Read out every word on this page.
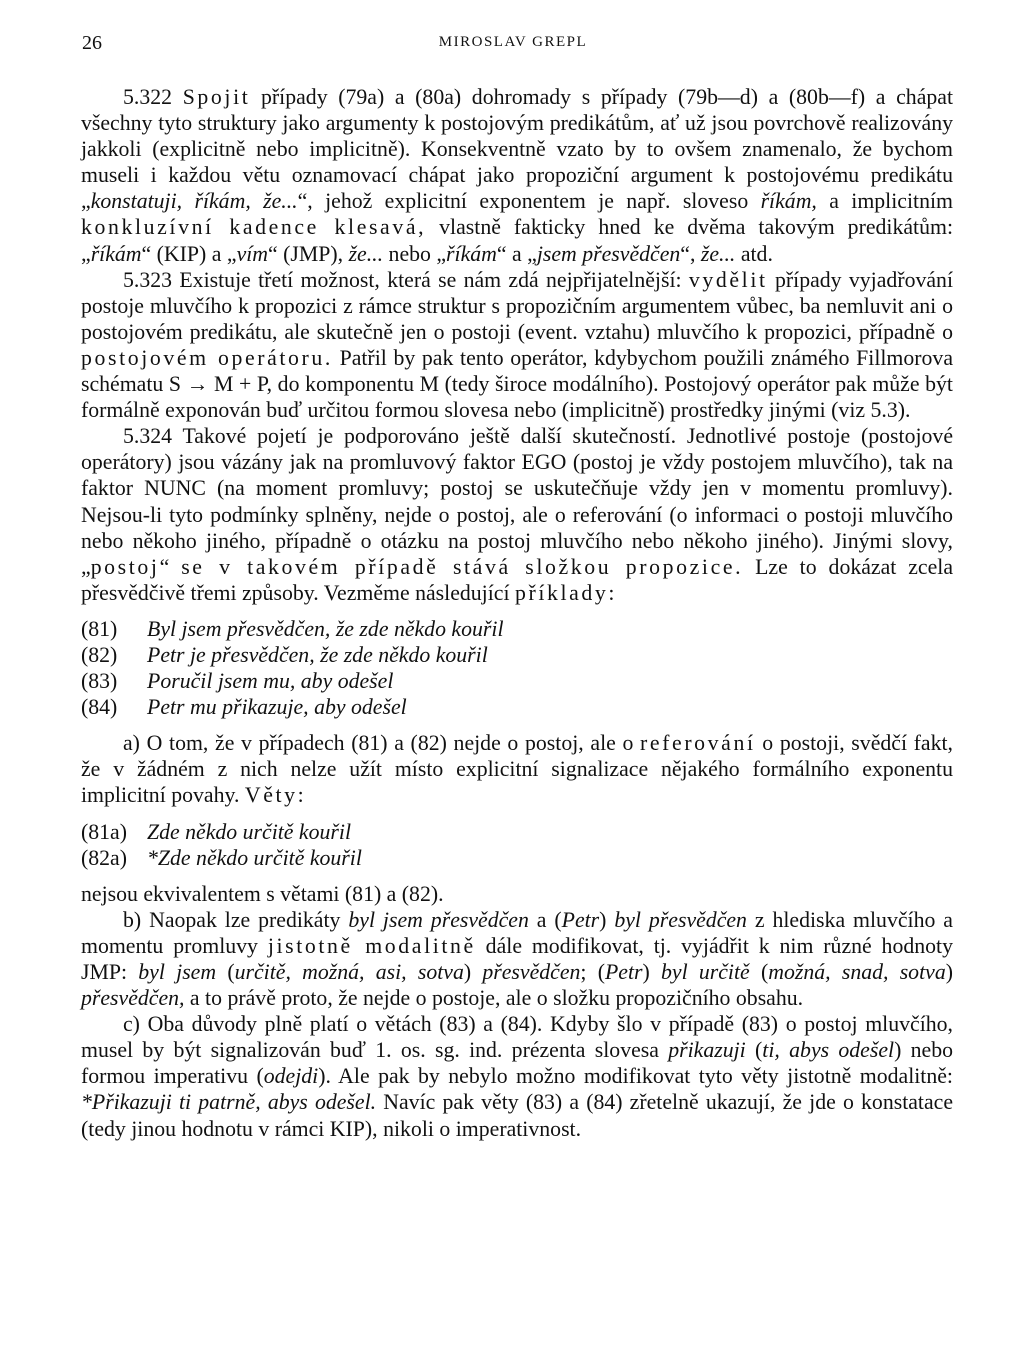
26	MIROSLAV GREPL

5.322 Spojit případy (79a) a (80a) dohromady s případy (79b—d) a (80b—f) a chápat všechny tyto struktury jako argumenty k postojovým predikátům, ať už jsou povrchově realizovány jakkoli (explicitně nebo implicitně). Konsekventně vzato by to ovšem znamenalo, že bychom museli i každou větu oznamovací chápat jako propoziční argument k postojovému predikátu „konstatuji, říkám, že...“, jehož explicitní exponentem je např. sloveso říkám, a implicitním konkluzívní kadence klesavá, vlastně fakticky hned ke dvěma takovým predikátům: „říkám“ (KIP) a „vím“ (JMP), že... nebo „říkám“ a „jsem přesvědčen“, že... atd.

5.323 Existuje třetí možnost, která se nám zdá nejpřijatelnější: vydělit případy vyjadřování postoje mluvčího k propozici z rámce struktur s propozičním argumentem vůbec, ba nemluvit ani o postojovém predikátu, ale skutečně jen o postoji (event. vztahu) mluvčího k propozici, případně o postojovém operátoru. Patřil by pak tento operátor, kdybychom použili známého Fillmorova schématu S → M + P, do komponentu M (tedy široce modálního). Postojový operátor pak může být formálně exponován buď určitou formou slovesa nebo (implicitně) prostředky jinými (viz 5.3).

5.324 Takové pojetí je podporováno ještě další skutečností. Jednotlivé postoje (postojové operátory) jsou vázány jak na promluvový faktor EGO (postoj je vždy postojem mluvčího), tak na faktor NUNC (na moment promluvy; postoj se uskutečňuje vždy jen v momentu promluvy). Nejsou-li tyto podmínky splněny, nejde o postoj, ale o referování (o informaci o postoji mluvčího nebo někoho jiného, případně o otázku na postoj mluvčího nebo někoho jiného). Jinými slovy, „postoj“ se v takovém případě stává složkou propozice. Lze to dokázat zcela přesvědčivě třemi způsoby. Vezměme následující příklady:

(81) Byl jsem přesvědčen, že zde někdo kouřil
(82) Petr je přesvědčen, že zde někdo kouřil
(83) Poručil jsem mu, aby odešel
(84) Petr mu přikazuje, aby odešel

a) O tom, že v případech (81) a (82) nejde o postoj, ale o referování o postoji, svědčí fakt, že v žádném z nich nelze užít místo explicitní signalizace nějakého formálního exponentu implicitní povahy. Věty:

(81a) Zde někdo určitě kouřil
(82a) *Zde někdo určitě kouřil

nejsou ekvivalentem s větami (81) a (82).

b) Naopak lze predikáty byl jsem přesvědčen a (Petr) byl přesvědčen z hlediska mluvčího a momentu promluvy jistotně modalitně dále modifikovat, tj. vyjádřit k nim různé hodnoty JMP: byl jsem (určitě, možná, asi, sotva) přesvědčen; (Petr) byl určitě (možná, snad, sotva) přesvědčen, a to právě proto, že nejde o postoje, ale o složku propozičního obsahu.

c) Oba důvody plně platí o větách (83) a (84). Kdyby šlo v případě (83) o postoj mluvčího, musel by být signalizován buď 1. os. sg. ind. prézenta slovesa přikazuji (ti, abys odešel) nebo formou imperativu (odejdi). Ale pak by nebylo možno modifikovat tyto věty jistotně modalitně: *Přikazuji ti patrně, abys odešel. Navíc pak věty (83) a (84) zřetelně ukazují, že jde o konstatace (tedy jinou hodnotu v rámci KIP), nikoli o imperativnost.
